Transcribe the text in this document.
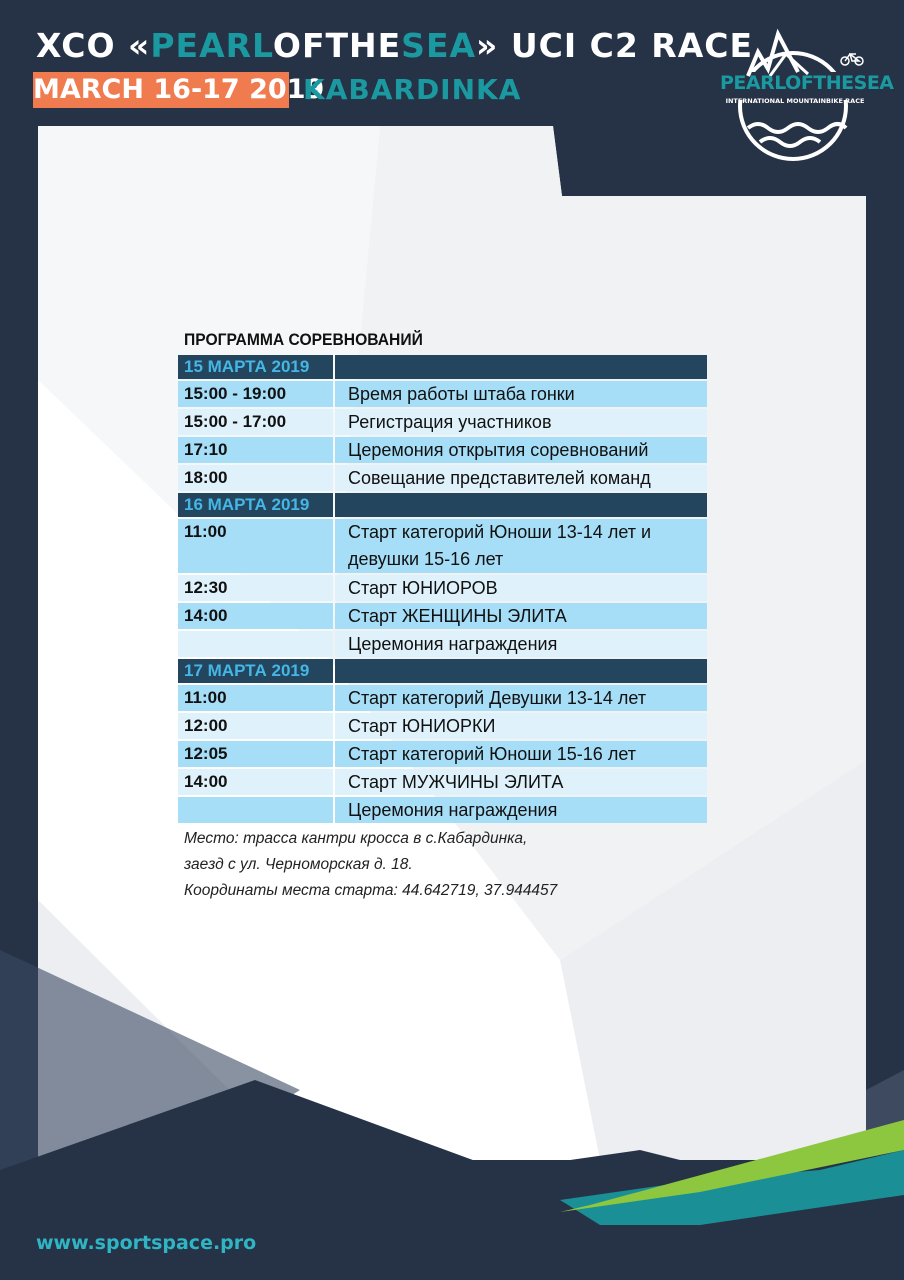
XCO «PEARLOFTHESEA» UCI C2 RACE
MARCH 16-17 2019
KABARDINKA	PEARLOFTHESEA
INTERNATIONAL MOUNTAINBIKE RACE
ПРОГРАММА СОРЕВНОВАНИЙ
15 МАРТА 2019
15:00 - 19:00	Время работы штаба гонки
15:00 - 17:00	Регистрация участников
17:10	Церемония открытия соревнований
18:00	Совещание представителей команд
16 МАРТА 2019
11:00	Старт категорий Юноши 13-14 лет и девушки 15-16 лет
12:30	Старт ЮНИОРОВ
14:00	Старт ЖЕНЩИНЫ ЭЛИТА
Церемония награждения
17 МАРТА 2019
11:00	Старт категорий Девушки 13-14 лет
12:00	Старт ЮНИОРКИ
12:05	Старт категорий Юноши 15-16 лет
14:00	Старт МУЖЧИНЫ ЭЛИТА
Церемония награждения
Место: трасса кантри кросса в с.Кабардинка,
заезд с ул. Черноморская д. 18.
Координаты места старта: 44.642719, 37.944457
www.sportspace.pro
